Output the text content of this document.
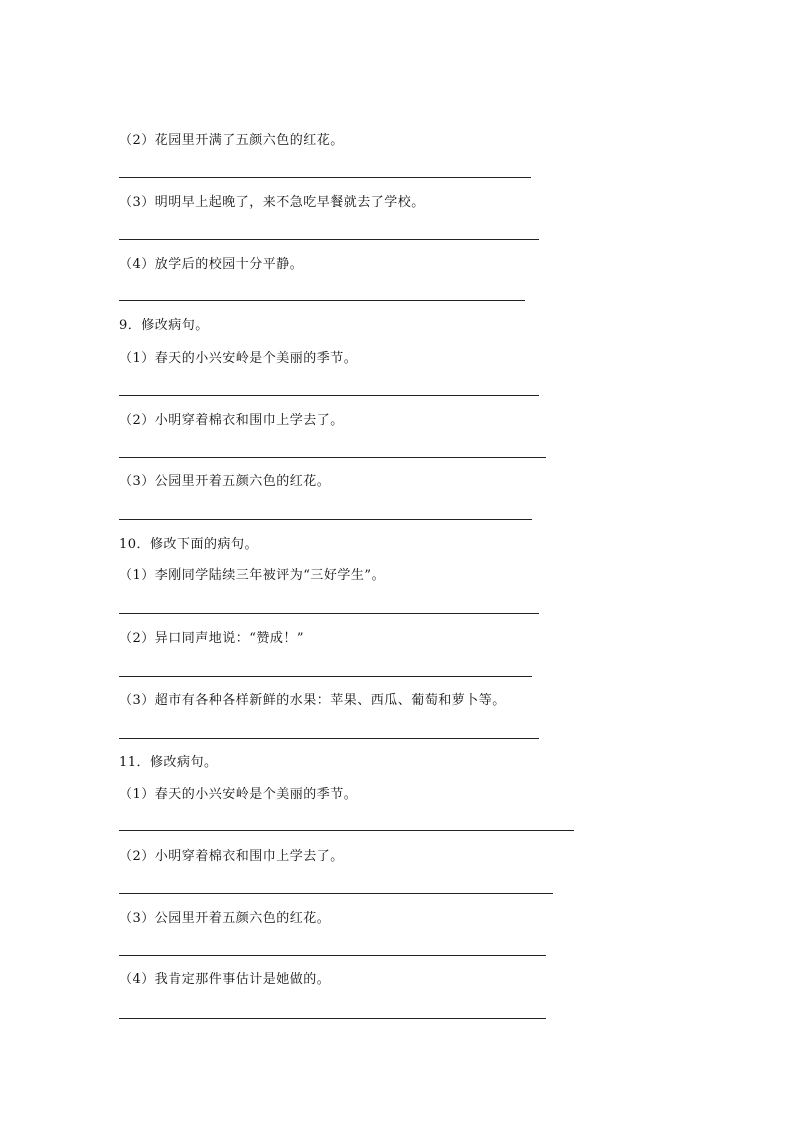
（2）花园里开满了五颜六色的红花。
（3）明明早上起晚了，来不急吃早餐就去了学校。
（4）放学后的校园十分平静。
9．修改病句。
（1）春天的小兴安岭是个美丽的季节。
（2）小明穿着棉衣和围巾上学去了。
（3）公园里开着五颜六色的红花。
10．修改下面的病句。
（1）李刚同学陆续三年被评为“三好学生”。
（2）异口同声地说：“赞成！”
（3）超市有各种各样新鲜的水果：苹果、西瓜、葡萄和萝卜等。
11．修改病句。
（1）春天的小兴安岭是个美丽的季节。
（2）小明穿着棉衣和围巾上学去了。
（3）公园里开着五颜六色的红花。
（4）我肯定那件事估计是她做的。
